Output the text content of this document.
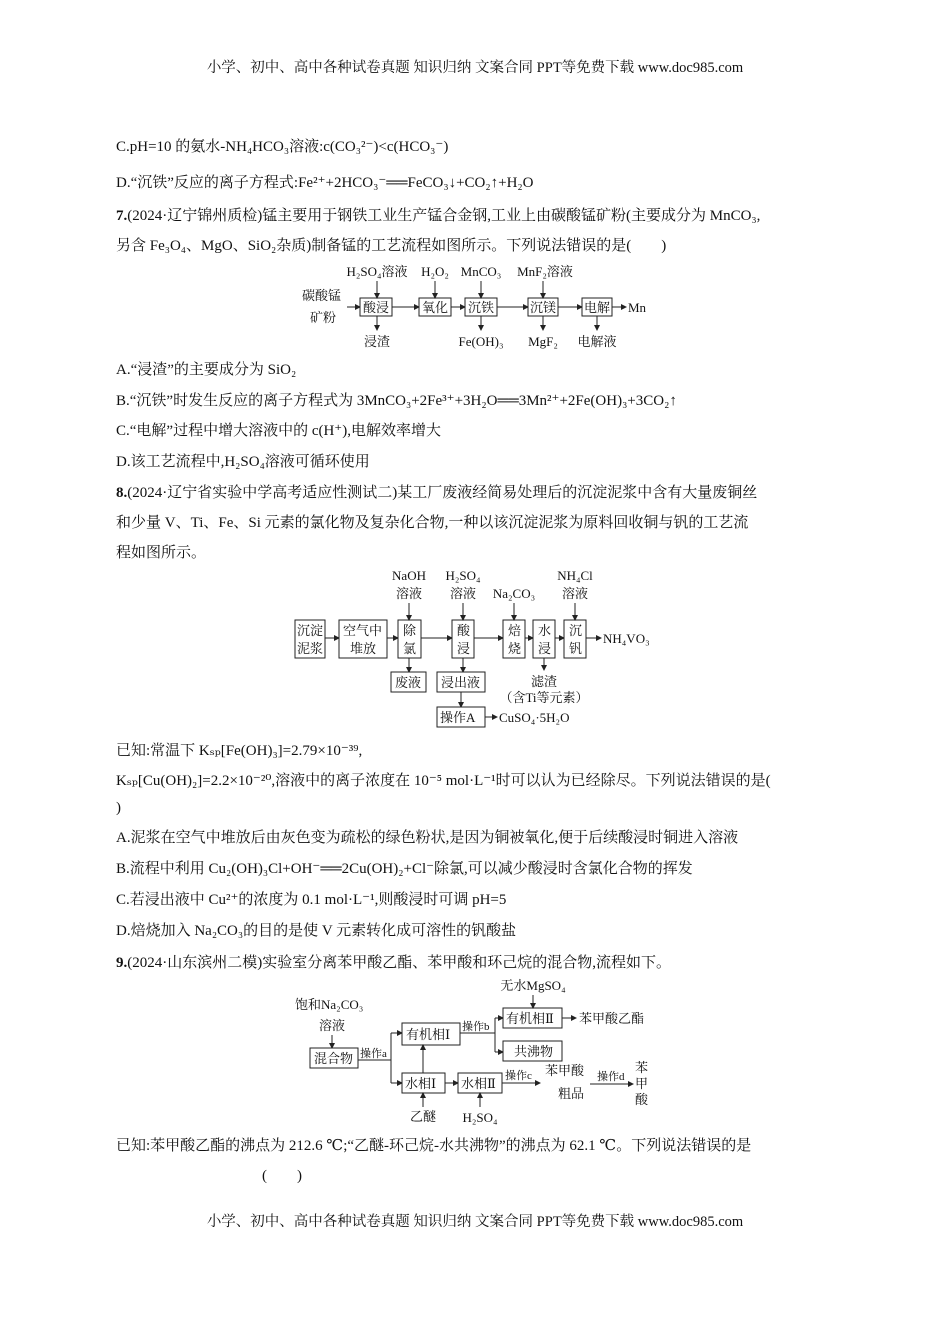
小学、初中、高中各种试卷真题 知识归纳 文案合同 PPT等免费下载 www.doc985.com
C.pH=10 的氨水-NH₄HCO₃溶液:c(CO₃²⁻)<c(HCO₃⁻)
D.“沉铁”反应的离子方程式:Fe²⁺+2HCO₃⁻══FeCO₃↓+CO₂↑+H₂O
7.(2024·辽宁锦州质检)锰主要用于钢铁工业生产锰合金钢,工业上由碳酸锰矿粉(主要成分为 MnCO₃,
另含 Fe₃O₄、MgO、SiO₂杂质)制备锰的工艺流程如图所示。下列说法错误的是(　　)
碳酸锰
矿粉
酸浸	氧化 沉铁	沉镁 电解 Mn
H₂SO₄溶液 H₂O₂ MnCO₃ MnF₂溶液
浸渣	Fe(OH)₃ MgF₂ 电解液
A.“浸渣”的主要成分为 SiO₂
B.“沉铁”时发生反应的离子方程式为 3MnCO₃+2Fe³⁺+3H₂O══3Mn²⁺+2Fe(OH)₃+3CO₂↑
C.“电解”过程中增大溶液中的 c(H⁺),电解效率增大
D.该工艺流程中,H₂SO₄溶液可循环使用
8.(2024·辽宁省实验中学高考适应性测试二)某工厂废液经简易处理后的沉淀泥浆中含有大量废铜丝
和少量 V、Ti、Fe、Si 元素的氯化物及复杂化合物,一种以该沉淀泥浆为原料回收铜与钒的工艺流
程如图所示。
沉淀
泥浆
空气中
堆放
除
氯
酸
浸
焙
烧
水
浸
沉
钒
NH₄VO₃
NaOH
溶液
H₂SO₄
溶液 Na₂CO₃
NH₄Cl
溶液
废液 浸出液	滤渣
（含Ti等元素）
操作A CuSO₄·5H₂O
已知:常温下 Kₛₚ[Fe(OH)₃]=2.79×10⁻³⁹,
Kₛₚ[Cu(OH)₂]=2.2×10⁻²⁰,溶液中的离子浓度在 10⁻⁵ mol·L⁻¹时可以认为已经除尽。下列说法错误的是(
)
A.泥浆在空气中堆放后由灰色变为疏松的绿色粉状,是因为铜被氧化,便于后续酸浸时铜进入溶液
B.流程中利用 Cu₂(OH)₃Cl+OH⁻══2Cu(OH)₂+Cl⁻除氯,可以减少酸浸时含氯化合物的挥发
C.若浸出液中 Cu²⁺的浓度为 0.1 mol·L⁻¹,则酸浸时可调 pH=5
D.焙烧加入 Na₂CO₃的目的是使 V 元素转化成可溶性的钒酸盐
9.(2024·山东滨州二模)实验室分离苯甲酸乙酯、苯甲酸和环己烷的混合物,流程如下。
饱和Na₂CO₃
溶液
混合物 操作a
有机相Ⅰ
水相Ⅰ
乙醚
水相Ⅱ
H₂SO₄
操作c 苯甲酸
粗品
操作d
苯
甲
酸
操作b
有机相Ⅱ
共沸物
无水MgSO₄
苯甲酸乙酯
已知:苯甲酸乙酯的沸点为 212.6 ℃;“乙醚-环己烷-水共沸物”的沸点为 62.1 ℃。下列说法错误的是
(　　)
小学、初中、高中各种试卷真题 知识归纳 文案合同 PPT等免费下载 www.doc985.com
